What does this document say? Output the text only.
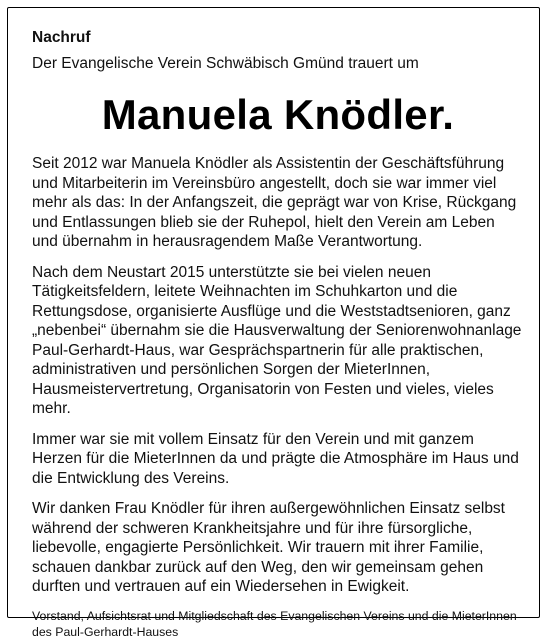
Nachruf

Der Evangelische Verein Schwäbisch Gmünd trauert um

Manuela Knödler.

Seit 2012 war Manuela Knödler als Assistentin der Geschäftsführung und Mitarbeiterin im Vereinsbüro angestellt, doch sie war immer viel mehr als das: In der Anfangszeit, die geprägt war von Krise, Rückgang und Entlassungen blieb sie der Ruhepol, hielt den Verein am Leben und übernahm in herausragendem Maße Verantwortung.

Nach dem Neustart 2015 unterstützte sie bei vielen neuen Tätigkeitsfeldern, leitete Weihnachten im Schuhkarton und die Rettungsdose, organisierte Ausflüge und die Weststadtsenioren, ganz „nebenbei“ übernahm sie die Hausverwaltung der Seniorenwohnanlage Paul-Gerhardt-Haus, war Gesprächspartnerin für alle praktischen, administrativen und persönlichen Sorgen der MieterInnen, Hausmeistervertretung, Organisatorin von Festen und vieles, vieles mehr.

Immer war sie mit vollem Einsatz für den Verein und mit ganzem Herzen für die MieterInnen da und prägte die Atmosphäre im Haus und die Entwicklung des Vereins.

Wir danken Frau Knödler für ihren außergewöhnlichen Einsatz selbst während der schweren Krankheitsjahre und für ihre fürsorgliche, liebevolle, engagierte Persönlichkeit. Wir trauern mit ihrer Familie, schauen dankbar zurück auf den Weg, den wir gemeinsam gehen durften und vertrauen auf ein Wiedersehen in Ewigkeit.

Vorstand, Aufsichtsrat und Mitgliedschaft des Evangelischen Vereins und die MieterInnen des Paul-Gerhardt-Hauses
